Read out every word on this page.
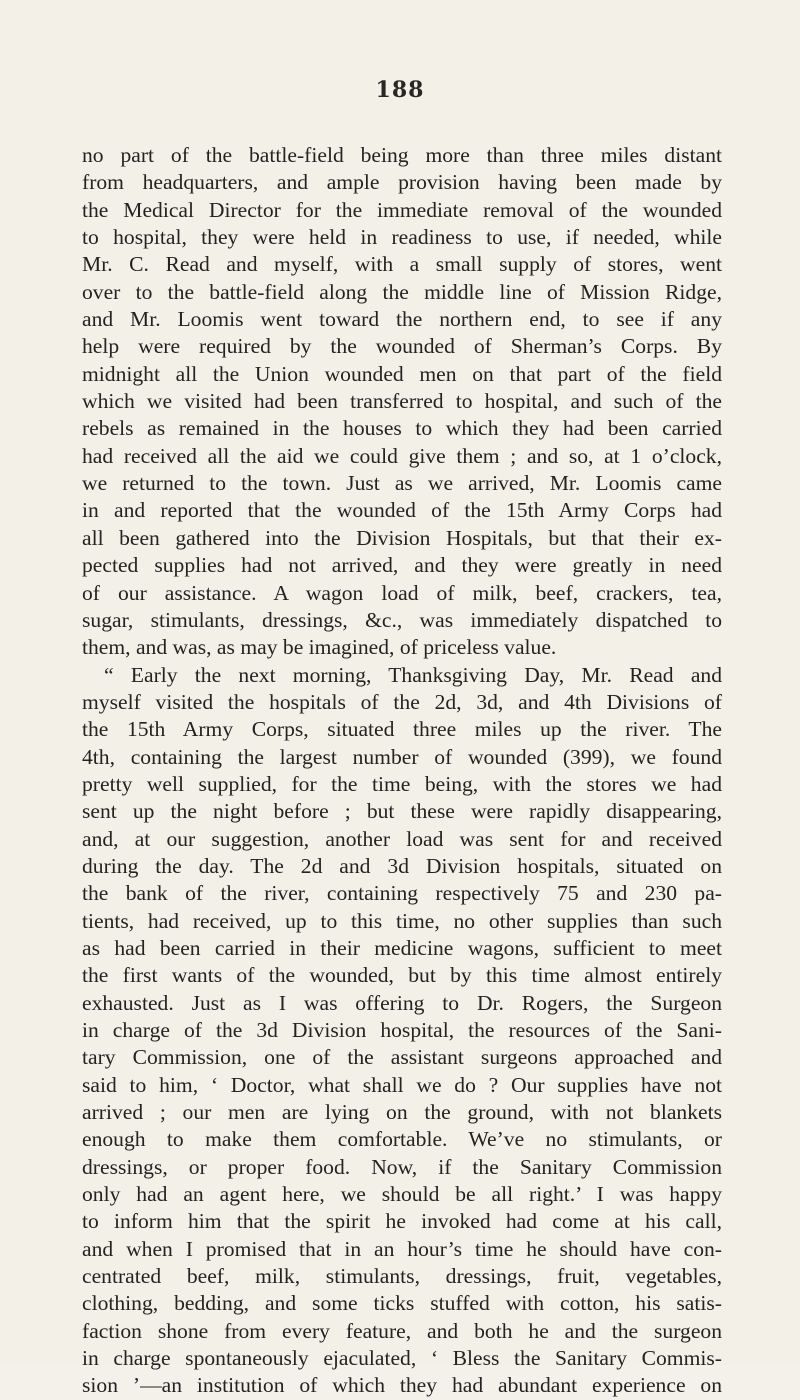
188
no part of the battle-field being more than three miles distant
from headquarters, and ample provision having been made by
the Medical Director for the immediate removal of the wounded
to hospital, they were held in readiness to use, if needed, while
Mr. C. Read and myself, with a small supply of stores, went
over to the battle-field along the middle line of Mission Ridge,
and Mr. Loomis went toward the northern end, to see if any
help were required by the wounded of Sherman’s Corps. By
midnight all the Union wounded men on that part of the field
which we visited had been transferred to hospital, and such of the
rebels as remained in the houses to which they had been carried
had received all the aid we could give them ; and so, at 1 o’clock,
we returned to the town. Just as we arrived, Mr. Loomis came
in and reported that the wounded of the 15th Army Corps had
all been gathered into the Division Hospitals, but that their ex-
pected supplies had not arrived, and they were greatly in need
of our assistance. A wagon load of milk, beef, crackers, tea,
sugar, stimulants, dressings, &c., was immediately dispatched to
them, and was, as may be imagined, of priceless value.
“ Early the next morning, Thanksgiving Day, Mr. Read and
myself visited the hospitals of the 2d, 3d, and 4th Divisions of
the 15th Army Corps, situated three miles up the river. The
4th, containing the largest number of wounded (399), we found
pretty well supplied, for the time being, with the stores we had
sent up the night before ; but these were rapidly disappearing,
and, at our suggestion, another load was sent for and received
during the day. The 2d and 3d Division hospitals, situated on
the bank of the river, containing respectively 75 and 230 pa-
tients, had received, up to this time, no other supplies than such
as had been carried in their medicine wagons, sufficient to meet
the first wants of the wounded, but by this time almost entirely
exhausted. Just as I was offering to Dr. Rogers, the Surgeon
in charge of the 3d Division hospital, the resources of the Sani-
tary Commission, one of the assistant surgeons approached and
said to him, ‘ Doctor, what shall we do ? Our supplies have not
arrived ; our men are lying on the ground, with not blankets
enough to make them comfortable. We’ve no stimulants, or
dressings, or proper food. Now, if the Sanitary Commission
only had an agent here, we should be all right.’ I was happy
to inform him that the spirit he invoked had come at his call,
and when I promised that in an hour’s time he should have con-
centrated beef, milk, stimulants, dressings, fruit, vegetables,
clothing, bedding, and some ticks stuffed with cotton, his satis-
faction shone from every feature, and both he and the surgeon
in charge spontaneously ejaculated, ‘ Bless the Sanitary Commis-
sion ’—an institution of which they had abundant experience on
